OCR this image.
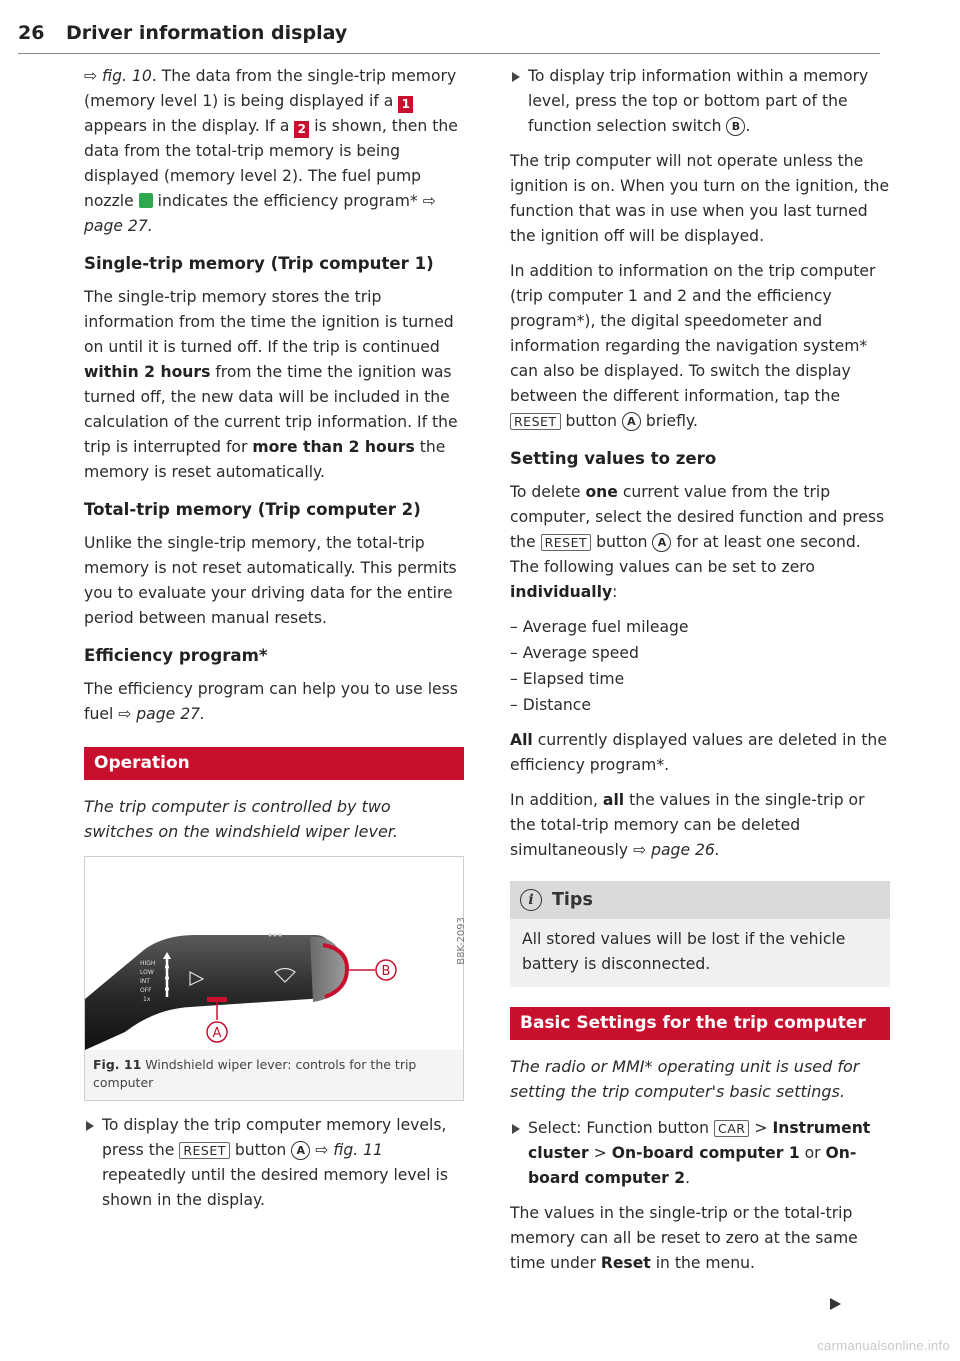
26 Driver information display

⇨ fig. 10. The data from the single-trip memory (memory level 1) is being displayed if a 1 appears in the display. If a 2 is shown, then the data from the total-trip memory is being displayed (memory level 2). The fuel pump nozzle  indicates the efficiency program* ⇨ page 27.

Single-trip memory (Trip computer 1)

The single-trip memory stores the trip information from the time the ignition is turned on until it is turned off. If the trip is continued within 2 hours from the time the ignition was turned off, the new data will be included in the calculation of the current trip information. If the trip is interrupted for more than 2 hours the memory is reset automatically.

Total-trip memory (Trip computer 2)

Unlike the single-trip memory, the total-trip memory is not reset automatically. This permits you to evaluate your driving data for the entire period between manual resets.

Efficiency program*

The efficiency program can help you to use less fuel ⇨ page 27.

Operation

The trip computer is controlled by two switches on the windshield wiper lever.

B8K-2093
HIGH
LOW
INT
OFF
1x
B
A
Fig. 11 Windshield wiper lever: controls for the trip computer

To display the trip computer memory levels, press the RESET button A ⇨ fig. 11 repeatedly until the desired memory level is shown in the display.

To display trip information within a memory level, press the top or bottom part of the function selection switch B .

The trip computer will not operate unless the ignition is on. When you turn on the ignition, the function that was in use when you last turned the ignition off will be displayed.

In addition to information on the trip computer (trip computer 1 and 2 and the efficiency program*), the digital speedometer and information regarding the navigation system* can also be displayed. To switch the display between the different information, tap the RESET button A briefly.

Setting values to zero

To delete one current value from the trip computer, select the desired function and press the RESET button A for at least one second. The following values can be set to zero individually:

– Average fuel mileage
– Average speed
– Elapsed time
– Distance

All currently displayed values are deleted in the efficiency program*.

In addition, all the values in the single-trip or the total-trip memory can be deleted simultaneously ⇨ page 26.

i Tips
All stored values will be lost if the vehicle battery is disconnected.
Basic Settings for the trip computer

The radio or MMI* operating unit is used for setting the trip computer's basic settings.

Select: Function button CAR > Instrument cluster > On-board computer 1 or On-board computer 2.

The values in the single-trip or the total-trip memory can all be reset to zero at the same time under Reset in the menu.

carmanualsonline.info
